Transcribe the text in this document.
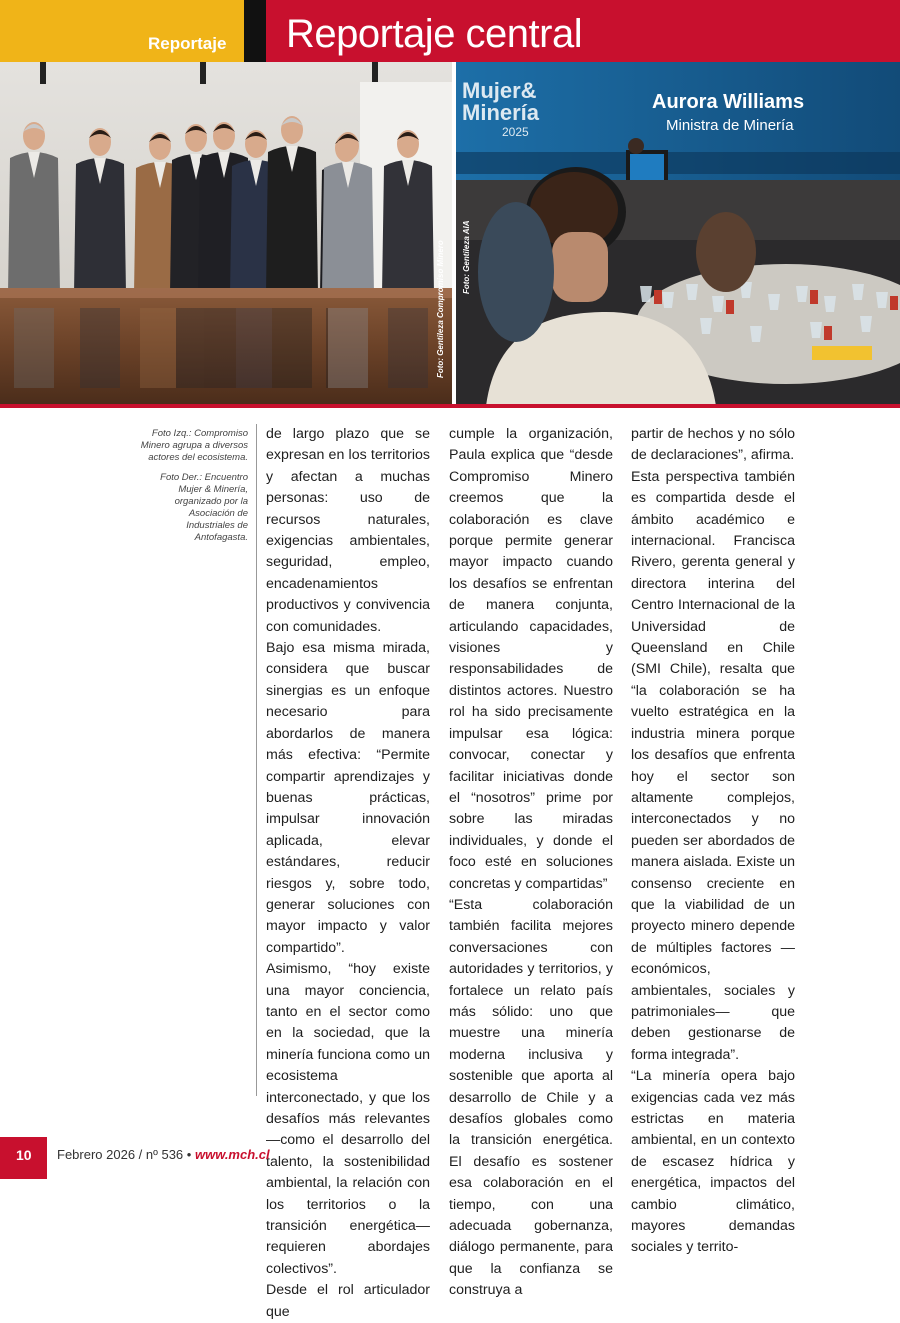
Reportaje Reportaje central
Mujer&
Minería
2025
Aurora Williams
Ministra de Minería
Foto: Gentileza Compromiso Minero Foto: Gentileza AIA
Foto Izq.: Compromiso Minero agrupa a diversos actores del ecosistema.
Foto Der.: Encuentro Mujer & Minería, organizado por la Asociación de Industriales de Antofagasta.

de largo plazo que se expresan en los territorios y afectan a muchas personas: uso de recursos naturales, exigencias ambientales, seguridad, empleo, encadenamientos productivos y convivencia con comunidades.

Bajo esa misma mirada, considera que buscar sinergias es un enfoque necesario para abordarlos de manera más efectiva: “Permite compartir aprendizajes y buenas prácticas, impulsar innovación aplicada, elevar estándares, reducir riesgos y, sobre todo, generar soluciones con mayor impacto y valor compartido”.

Asimismo, “hoy existe una mayor conciencia, tanto en el sector como en la sociedad, que la minería funciona como un ecosistema interconectado, y que los desafíos más relevantes —como el desarrollo del talento, la sostenibilidad ambiental, la relación con los territorios o la transición energética— requieren abordajes colectivos”.

Desde el rol articulador que

cumple la organización, Paula explica que “desde Compromiso Minero creemos que la colaboración es clave porque permite generar mayor impacto cuando los desafíos se enfrentan de manera conjunta, articulando capacidades, visiones y responsabilidades de distintos actores. Nuestro rol ha sido precisamente impulsar esa lógica: convocar, conectar y facilitar iniciativas donde el “nosotros” prime por sobre las miradas individuales, y donde el foco esté en soluciones concretas y compartidas”

“Esta colaboración también facilita mejores conversaciones con autoridades y territorios, y fortalece un relato país más sólido: uno que muestre una minería moderna inclusiva y sostenible que aporta al desarrollo de Chile y a desafíos globales como la transición energética. El desafío es sostener esa colaboración en el tiempo, con una adecuada gobernanza, diálogo permanente, para que la confianza se construya a

partir de hechos y no sólo de declaraciones”, afirma.

Esta perspectiva también es compartida desde el ámbito académico e internacional. Francisca Rivero, gerenta general y directora interina del Centro Internacional de la Universidad de Queensland en Chile (SMI Chile), resalta que “la colaboración se ha vuelto estratégica en la industria minera porque los desafíos que enfrenta hoy el sector son altamente complejos, interconectados y no pueden ser abordados de manera aislada. Existe un consenso creciente en que la viabilidad de un proyecto minero depende de múltiples factores —económicos, ambientales, sociales y patrimoniales— que deben gestionarse de forma integrada”.

“La minería opera bajo exigencias cada vez más estrictas en materia ambiental, en un contexto de escasez hídrica y energética, impactos del cambio climático, mayores demandas sociales y territo-

10 Febrero 2026 / nº 536 • www.mch.cl
